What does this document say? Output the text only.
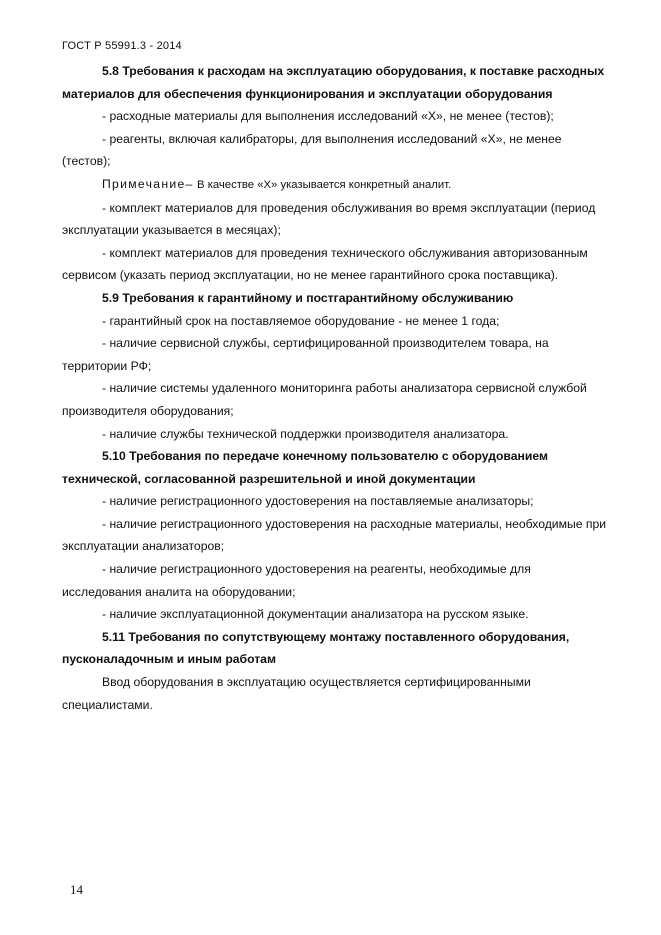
ГОСТ Р 55991.3 - 2014

5.8 Требования к расходам на эксплуатацию оборудования, к поставке расходных материалов для обеспечения функционирования и эксплуатации оборудования

- расходные материалы для выполнения исследований «Х», не менее (тестов);

- реагенты, включая калибраторы, для выполнения исследований «Х», не менее (тестов);

Примечание– В качестве «Х» указывается конкретный аналит.

- комплект материалов для проведения обслуживания во время эксплуатации (период эксплуатации указывается в месяцах);

- комплект материалов для проведения технического обслуживания авторизованным сервисом (указать период эксплуатации, но не менее гарантийного срока поставщика).

5.9 Требования к гарантийному и постгарантийному обслуживанию

- гарантийный срок на поставляемое оборудование - не менее 1 года;

- наличие сервисной службы, сертифицированной производителем товара, на территории РФ;

- наличие системы удаленного мониторинга работы анализатора сервисной службой производителя оборудования;

- наличие службы технической поддержки производителя анализатора.

5.10 Требования по передаче конечному пользователю с оборудованием технической, согласованной разрешительной и иной документации

- наличие регистрационного удостоверения на поставляемые анализаторы;

- наличие регистрационного удостоверения на расходные материалы, необходимые при эксплуатации анализаторов;

- наличие регистрационного удостоверения на реагенты, необходимые для исследования аналита на оборудовании;

- наличие эксплуатационной документации анализатора на русском языке.

5.11 Требования по сопутствующему монтажу поставленного оборудования, пусконаладочным и иным работам

Ввод оборудования в эксплуатацию осуществляется сертифицированными специалистами.

14
